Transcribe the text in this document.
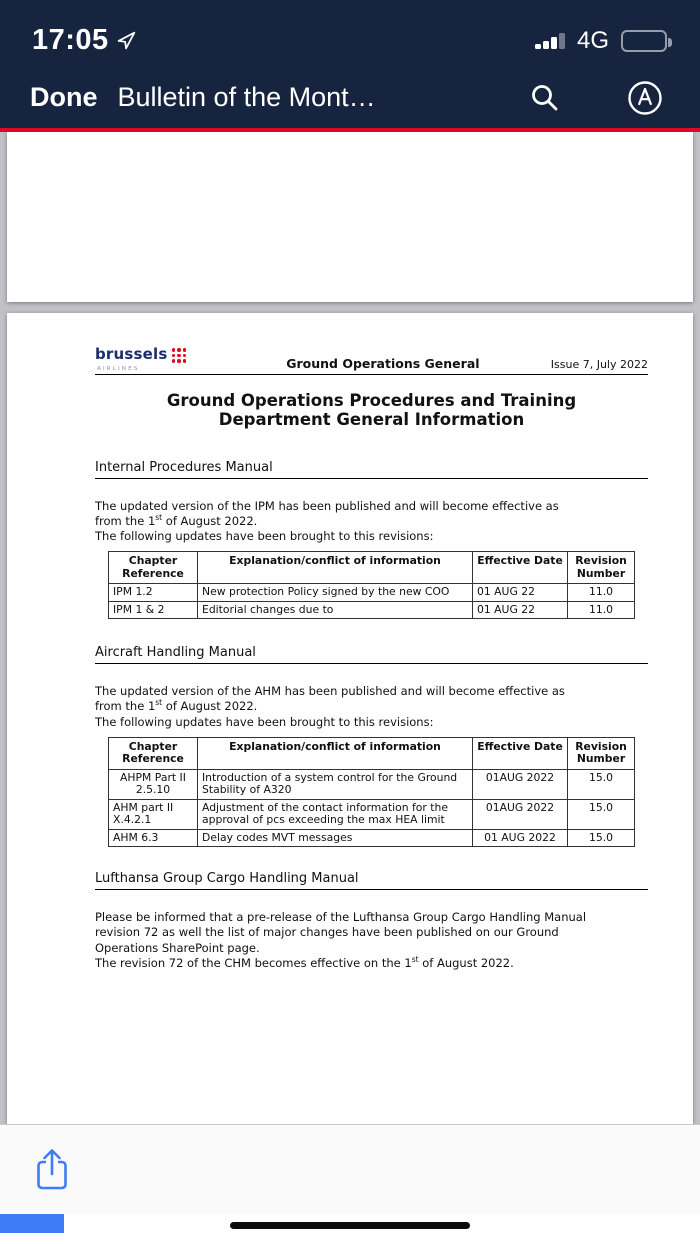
17:05	4G
Done Bulletin of the Mont…
brussels
AIRLINES	Ground Operations General	Issue 7, July 2022
Ground Operations Procedures and Training
Department General Information
Internal Procedures Manual
The updated version of the IPM has been published and will become effective as
from the 1st of August 2022.
The following updates have been brought to this revisions:
Chapter Reference	Explanation/conflict of information	Effective Date	Revision Number
IPM 1.2	New protection Policy signed by the new COO	01 AUG 22	11.0
IPM 1 & 2	Editorial changes due to	01 AUG 22	11.0
Aircraft Handling Manual
The updated version of the AHM has been published and will become effective as
from the 1st of August 2022.
The following updates have been brought to this revisions:
Chapter Reference	Explanation/conflict of information	Effective Date	Revision Number
AHPM Part II 2.5.10	Introduction of a system control for the Ground Stability of A320	01AUG 2022	15.0
AHM part II X.4.2.1	Adjustment of the contact information for the approval of pcs exceeding the max HEA limit	01AUG 2022	15.0
AHM 6.3	Delay codes MVT messages	01 AUG 2022	15.0
Lufthansa Group Cargo Handling Manual
Please be informed that a pre-release of the Lufthansa Group Cargo Handling Manual
revision 72 as well the list of major changes have been published on our Ground
Operations SharePoint page.
The revision 72 of the CHM becomes effective on the 1st of August 2022.
